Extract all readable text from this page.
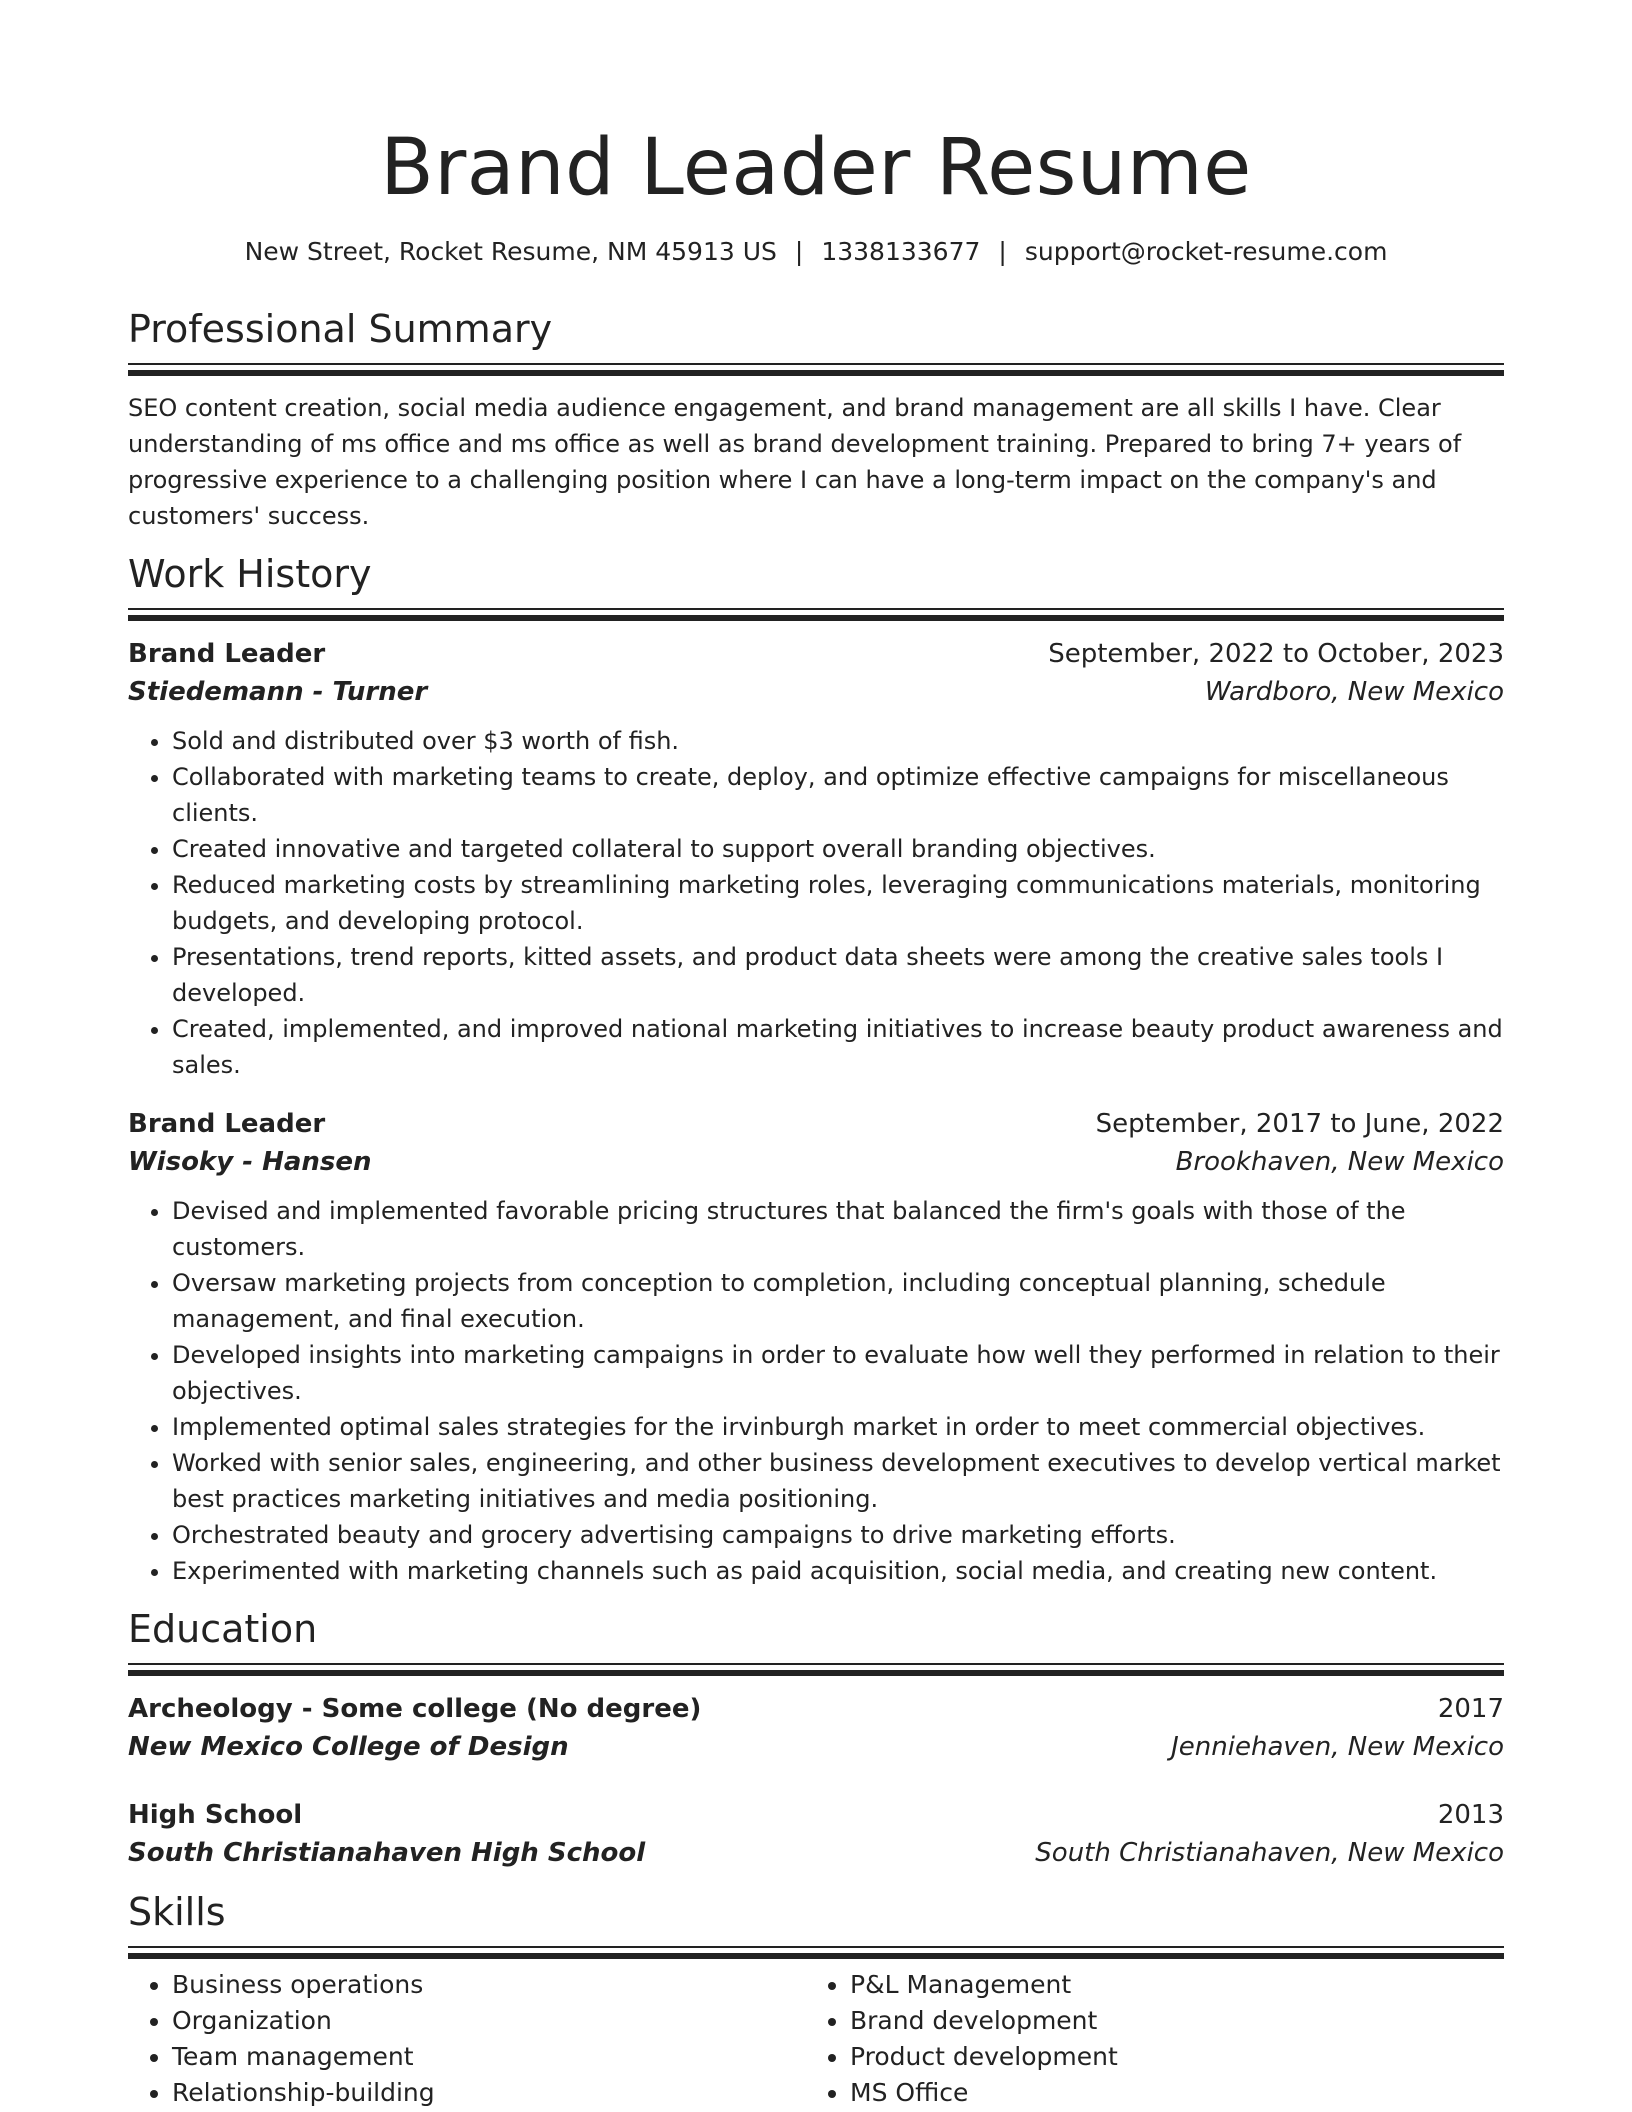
Brand Leader Resume
New Street, Rocket Resume, NM 45913 US | 1338133677 | support@rocket-resume.com
Professional Summary
SEO content creation, social media audience engagement, and brand management are all skills I have. Clear understanding of ms office and ms office as well as brand development training. Prepared to bring 7+ years of progressive experience to a challenging position where I can have a long-term impact on the company's and customers' success.
Work History
Brand Leader	September, 2022 to October, 2023
Stiedemann - Turner	Wardboro, New Mexico
• Sold and distributed over $3 worth of fish.
• Collaborated with marketing teams to create, deploy, and optimize effective campaigns for miscellaneous clients.
• Created innovative and targeted collateral to support overall branding objectives.
• Reduced marketing costs by streamlining marketing roles, leveraging communications materials, monitoring budgets, and developing protocol.
• Presentations, trend reports, kitted assets, and product data sheets were among the creative sales tools I developed.
• Created, implemented, and improved national marketing initiatives to increase beauty product awareness and sales.
Brand Leader	September, 2017 to June, 2022
Wisoky - Hansen	Brookhaven, New Mexico
• Devised and implemented favorable pricing structures that balanced the firm's goals with those of the customers.
• Oversaw marketing projects from conception to completion, including conceptual planning, schedule management, and final execution.
• Developed insights into marketing campaigns in order to evaluate how well they performed in relation to their objectives.
• Implemented optimal sales strategies for the irvinburgh market in order to meet commercial objectives.
• Worked with senior sales, engineering, and other business development executives to develop vertical market best practices marketing initiatives and media positioning.
• Orchestrated beauty and grocery advertising campaigns to drive marketing efforts.
• Experimented with marketing channels such as paid acquisition, social media, and creating new content.
Education
Archeology - Some college (No degree)	2017
New Mexico College of Design	Jenniehaven, New Mexico
High School	2013
South Christianahaven High School	South Christianahaven, New Mexico
Skills
• Business operations
• Organization
• Team management
• Relationship-building
• P&L Management
• Brand development
• Product development
• MS Office
